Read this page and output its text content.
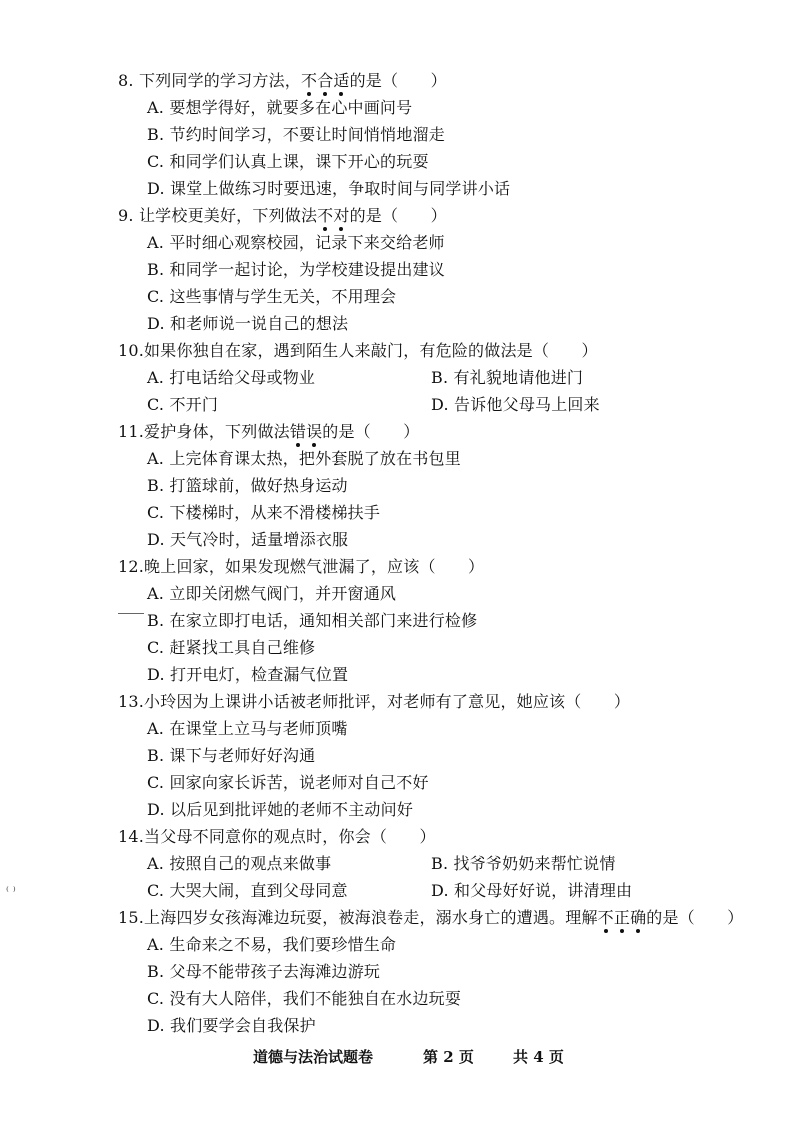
8. 下列同学的学习方法，不合适的是（　　）
A. 要想学得好，就要多在心中画问号
B. 节约时间学习，不要让时间悄悄地溜走
C. 和同学们认真上课，课下开心的玩耍
D. 课堂上做练习时要迅速，争取时间与同学讲小话
9. 让学校更美好，下列做法不对的是（　　）
A. 平时细心观察校园，记录下来交给老师
B. 和同学一起讨论，为学校建设提出建议
C. 这些事情与学生无关，不用理会
D. 和老师说一说自己的想法
10.如果你独自在家，遇到陌生人来敲门，有危险的做法是（　　）
A. 打电话给父母或物业	B. 有礼貌地请他进门
C. 不开门	D. 告诉他父母马上回来
11.爱护身体，下列做法错误的是（　　）
A. 上完体育课太热，把外套脱了放在书包里
B. 打篮球前，做好热身运动
C. 下楼梯时，从来不滑楼梯扶手
D. 天气冷时，适量增添衣服
12.晚上回家，如果发现燃气泄漏了，应该（　　）
A. 立即关闭燃气阀门，并开窗通风
B. 在家立即打电话，通知相关部门来进行检修
C. 赶紧找工具自己维修
D. 打开电灯，检查漏气位置
13.小玲因为上课讲小话被老师批评，对老师有了意见，她应该（　　）
A. 在课堂上立马与老师顶嘴
B. 课下与老师好好沟通
C. 回家向家长诉苦，说老师对自己不好
D. 以后见到批评她的老师不主动问好
14.当父母不同意你的观点时，你会（　　）
A. 按照自己的观点来做事	B. 找爷爷奶奶来帮忙说情
C. 大哭大闹，直到父母同意	D. 和父母好好说，讲清理由
⁽ ⁾
15.上海四岁女孩海滩边玩耍，被海浪卷走，溺水身亡的遭遇。理解不正确的是（　　）
A. 生命来之不易，我们要珍惜生命
B. 父母不能带孩子去海滩边游玩
C. 没有大人陪伴，我们不能独自在水边玩耍
D. 我们要学会自我保护
道德与法治试题卷	第 2 页	共 4 页
